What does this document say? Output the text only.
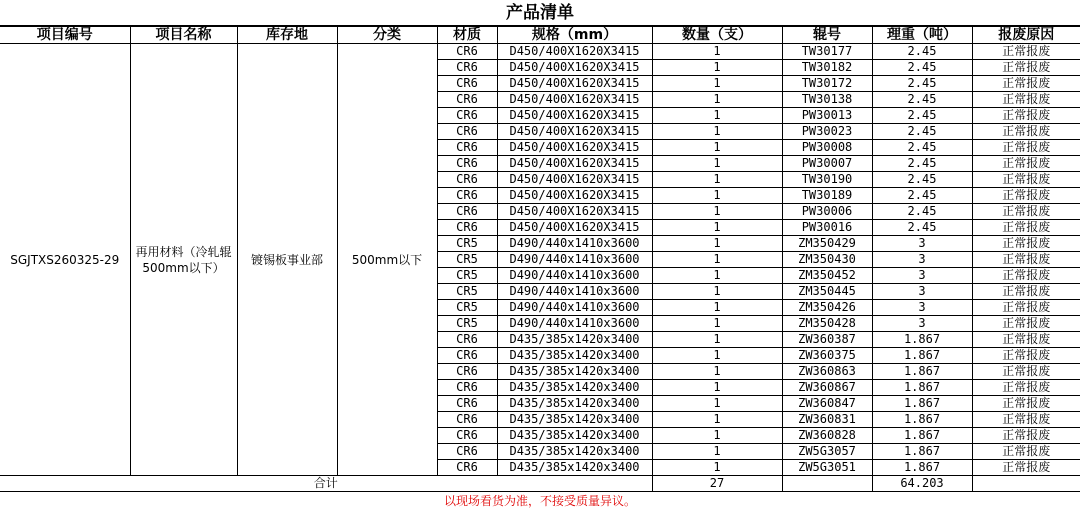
产品清单
项目编号	项目名称	库存地	分类	材质	规格（mm）	数量（支）	辊号	理重（吨）	报废原因
SGJTXS260325-29	再用材料（冷轧辊500mm以下）	镀锡板事业部	500mm以下	CR6	D450/400X1620X3415	1	TW30177	2.45	正常报废
				CR6	D450/400X1620X3415	1	TW30182	2.45	正常报废
				CR6	D450/400X1620X3415	1	TW30172	2.45	正常报废
				CR6	D450/400X1620X3415	1	TW30138	2.45	正常报废
				CR6	D450/400X1620X3415	1	PW30013	2.45	正常报废
				CR6	D450/400X1620X3415	1	PW30023	2.45	正常报废
				CR6	D450/400X1620X3415	1	PW30008	2.45	正常报废
				CR6	D450/400X1620X3415	1	PW30007	2.45	正常报废
				CR6	D450/400X1620X3415	1	TW30190	2.45	正常报废
				CR6	D450/400X1620X3415	1	TW30189	2.45	正常报废
				CR6	D450/400X1620X3415	1	PW30006	2.45	正常报废
				CR6	D450/400X1620X3415	1	PW30016	2.45	正常报废
				CR5	D490/440x1410x3600	1	ZM350429	3	正常报废
				CR5	D490/440x1410x3600	1	ZM350430	3	正常报废
				CR5	D490/440x1410x3600	1	ZM350452	3	正常报废
				CR5	D490/440x1410x3600	1	ZM350445	3	正常报废
				CR5	D490/440x1410x3600	1	ZM350426	3	正常报废
				CR5	D490/440x1410x3600	1	ZM350428	3	正常报废
				CR6	D435/385x1420x3400	1	ZW360387	1.867	正常报废
				CR6	D435/385x1420x3400	1	ZW360375	1.867	正常报废
				CR6	D435/385x1420x3400	1	ZW360863	1.867	正常报废
				CR6	D435/385x1420x3400	1	ZW360867	1.867	正常报废
				CR6	D435/385x1420x3400	1	ZW360847	1.867	正常报废
				CR6	D435/385x1420x3400	1	ZW360831	1.867	正常报废
				CR6	D435/385x1420x3400	1	ZW360828	1.867	正常报废
				CR6	D435/385x1420x3400	1	ZW5G3057	1.867	正常报废
				CR6	D435/385x1420x3400	1	ZW5G3051	1.867	正常报废
合计						27		64.203	
以现场看货为准，不接受质量异议。									
